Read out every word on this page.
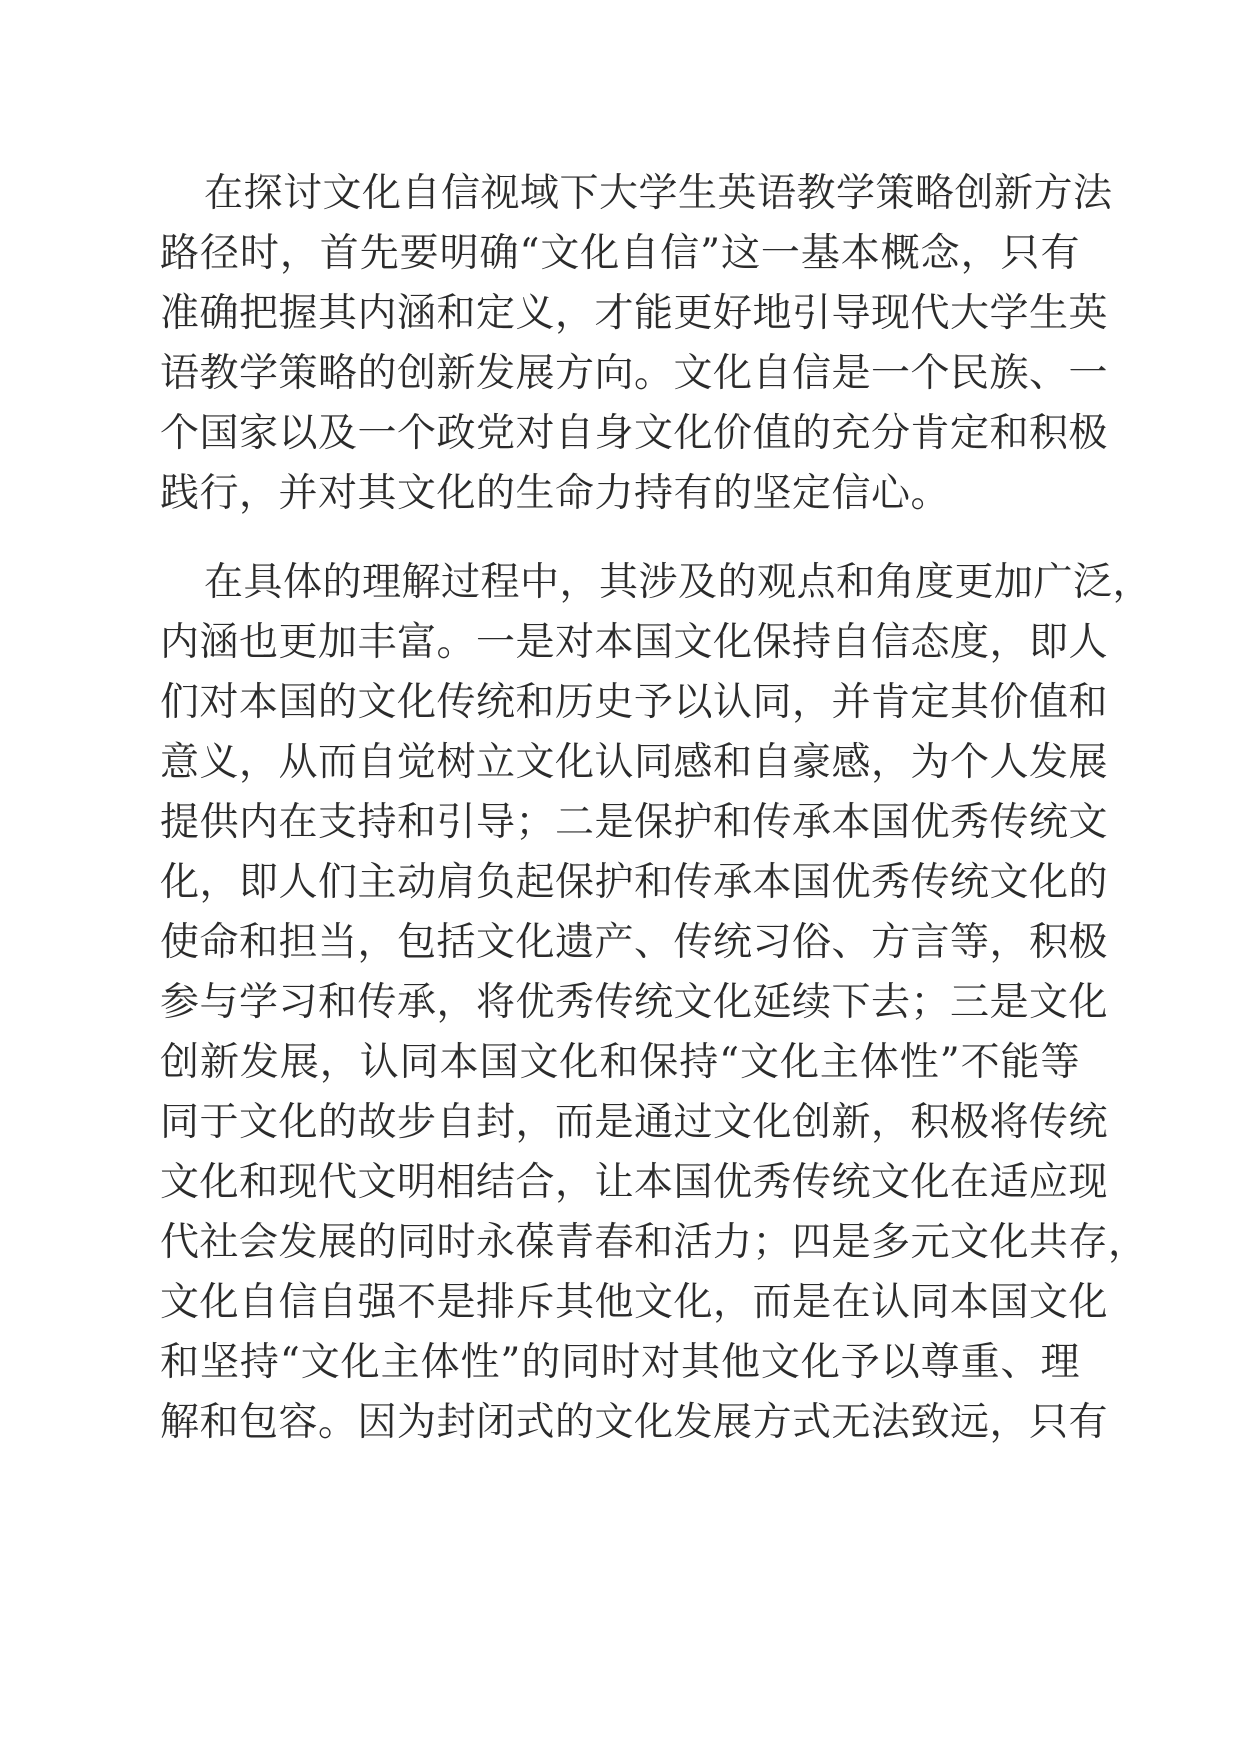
在探讨文化自信视域下大学生英语教学策略创新方法
路径时，首先要明确“文化自信”这一基本概念，只有
准确把握其内涵和定义，才能更好地引导现代大学生英
语教学策略的创新发展方向。文化自信是一个民族、一
个国家以及一个政党对自身文化价值的充分肯定和积极
践行，并对其文化的生命力持有的坚定信心。
在具体的理解过程中，其涉及的观点和角度更加广泛，
内涵也更加丰富。一是对本国文化保持自信态度，即人
们对本国的文化传统和历史予以认同，并肯定其价值和
意义，从而自觉树立文化认同感和自豪感，为个人发展
提供内在支持和引导；二是保护和传承本国优秀传统文
化，即人们主动肩负起保护和传承本国优秀传统文化的
使命和担当，包括文化遗产、传统习俗、方言等，积极
参与学习和传承，将优秀传统文化延续下去；三是文化
创新发展，认同本国文化和保持“文化主体性”不能等
同于文化的故步自封，而是通过文化创新，积极将传统
文化和现代文明相结合，让本国优秀传统文化在适应现
代社会发展的同时永葆青春和活力；四是多元文化共存，
文化自信自强不是排斥其他文化，而是在认同本国文化
和坚持“文化主体性”的同时对其他文化予以尊重、理
解和包容。因为封闭式的文化发展方式无法致远，只有
